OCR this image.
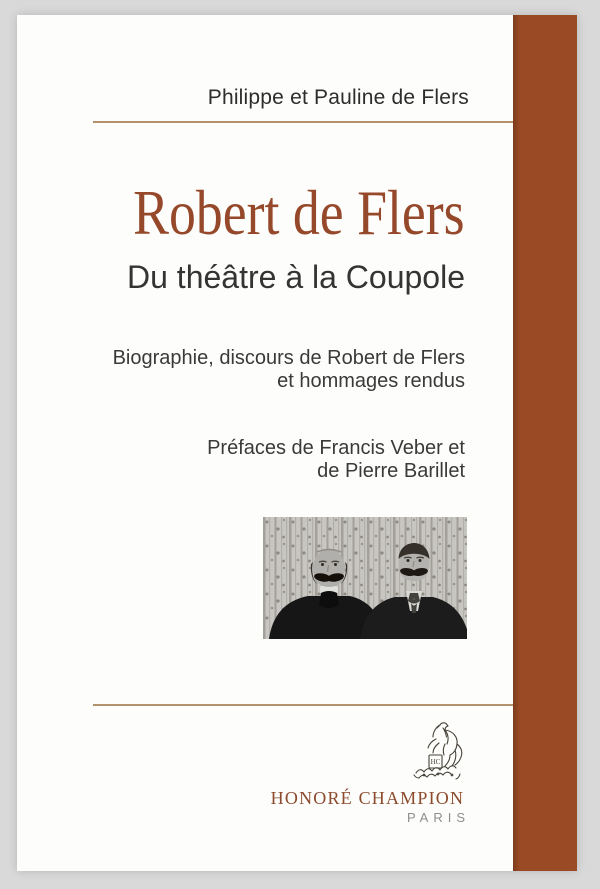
Philippe et Pauline de Flers
Robert de Flers
Du théâtre à la Coupole
Biographie, discours de Robert de Flers
et hommages rendus
Préfaces de Francis Veber et
de Pierre Barillet
HC
HONORÉ CHAMPION
PARIS
